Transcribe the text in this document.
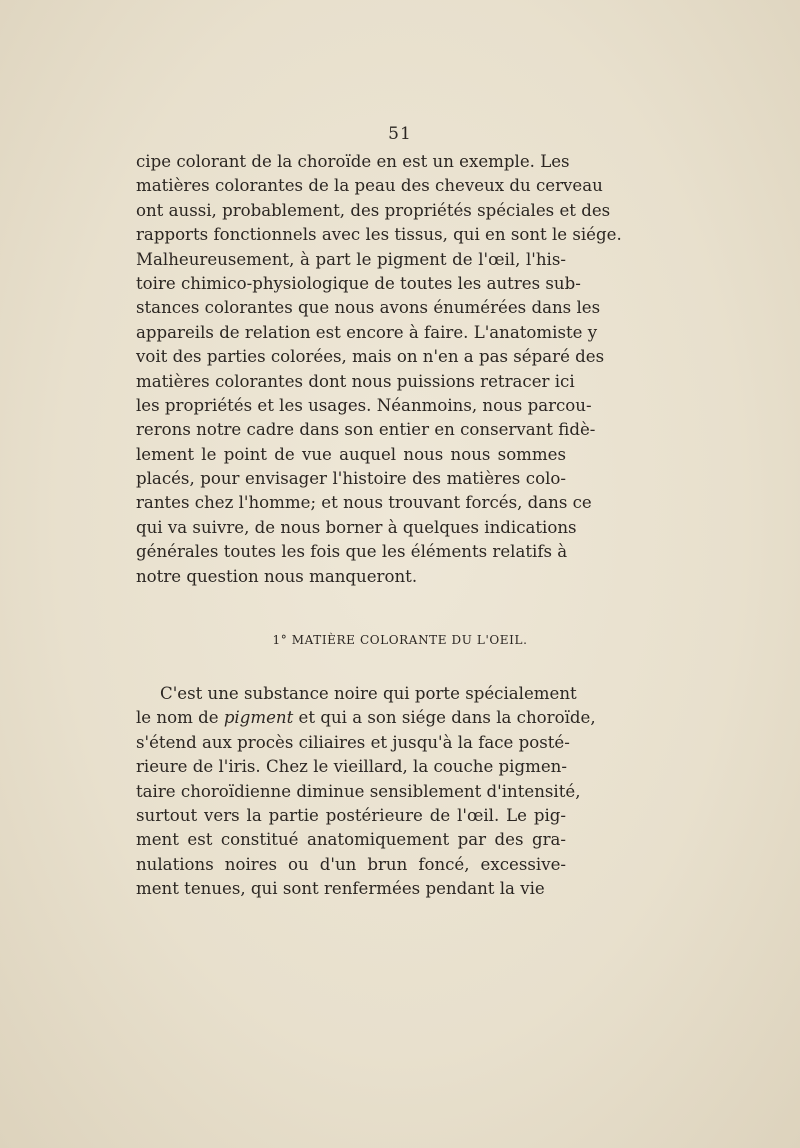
51
cipe colorant de la choroïde en est un exemple. Les
matières colorantes de la peau des cheveux du cerveau
ont aussi, probablement, des propriétés spéciales et des
rapports fonctionnels avec les tissus, qui en sont le siége.
Malheureusement, à part le pigment de l'œil, l'his-
toire chimico-physiologique de toutes les autres sub-
stances colorantes que nous avons énumérées dans les
appareils de relation est encore à faire. L'anatomiste y
voit des parties colorées, mais on n'en a pas séparé des
matières colorantes dont nous puissions retracer ici
les propriétés et les usages. Néanmoins, nous parcou-
rerons notre cadre dans son entier en conservant fidè-
lement le point de vue auquel nous nous sommes
placés, pour envisager l'histoire des matières colo-
rantes chez l'homme; et nous trouvant forcés, dans ce
qui va suivre, de nous borner à quelques indications
générales toutes les fois que les éléments relatifs à
notre question nous manqueront.
1° MATIÈRE COLORANTE DU L'OEIL.
C'est une substance noire qui porte spécialement
le nom de pigment et qui a son siége dans la choroïde,
s'étend aux procès ciliaires et jusqu'à la face posté-
rieure de l'iris. Chez le vieillard, la couche pigmen-
taire choroïdienne diminue sensiblement d'intensité,
surtout vers la partie postérieure de l'œil. Le pig-
ment est constitué anatomiquement par des gra-
nulations noires ou d'un brun foncé, excessive-
ment tenues, qui sont renfermées pendant la vie
